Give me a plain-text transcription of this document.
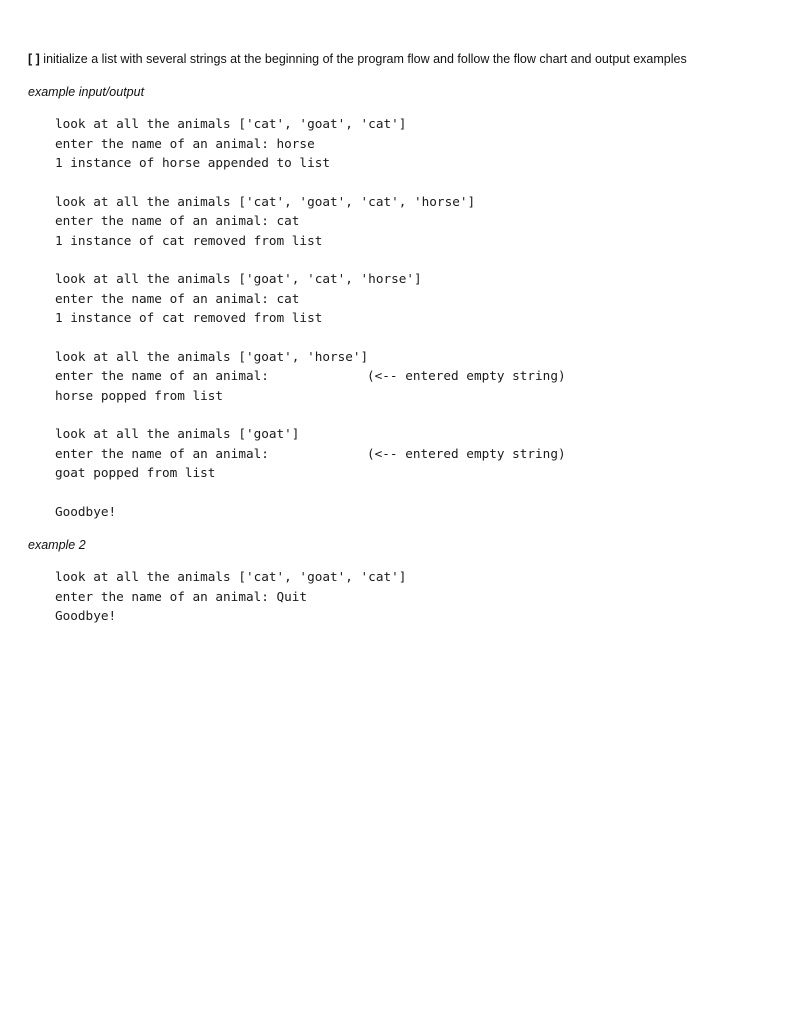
[ ] initialize a list with several strings at the beginning of the program flow and follow the flow chart and output examples
example input/output
look at all the animals ['cat', 'goat', 'cat']
enter the name of an animal: horse
1 instance of horse appended to list
look at all the animals ['cat', 'goat', 'cat', 'horse']
enter the name of an animal: cat
1 instance of cat removed from list
look at all the animals ['goat', 'cat', 'horse']
enter the name of an animal: cat
1 instance of cat removed from list
look at all the animals ['goat', 'horse']
enter the name of an animal:	(<-- entered empty string)
horse popped from list
look at all the animals ['goat']
enter the name of an animal:	(<-- entered empty string)
goat popped from list
Goodbye!
example 2
look at all the animals ['cat', 'goat', 'cat']
enter the name of an animal: Quit
Goodbye!
